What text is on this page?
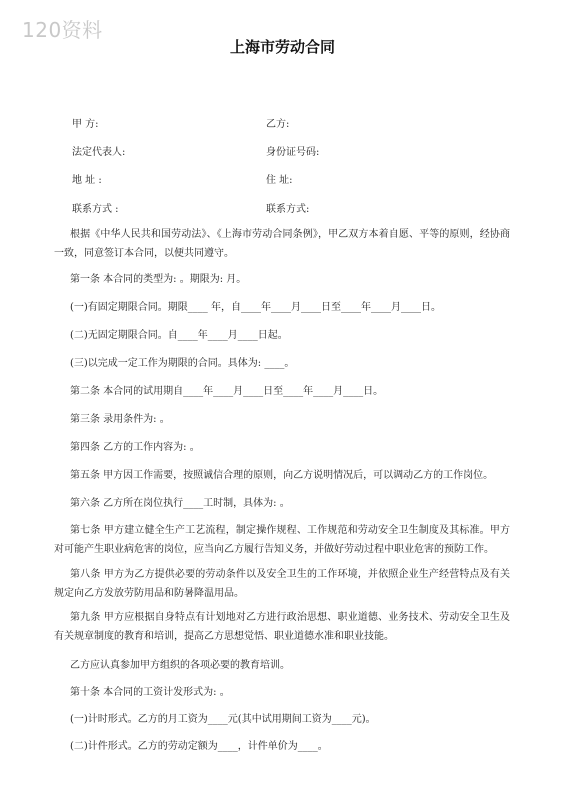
120资料
上海市劳动合同
甲 方:	乙方:
法定代表人:	身份证号码:
地 址 :	住 址:
联系方式 :	联系方式:
根据《中华人民共和国劳动法》、《上海市劳动合同条例》，甲乙双方本着自愿、平等的原则，经协商一致，同意签订本合同，以便共同遵守。
第一条 本合同的类型为: 。期限为: 月。
(一)有固定期限合同。期限____ 年，自____年____月____日至____年____月____日。
(二)无固定期限合同。自____年____月____日起。
(三)以完成一定工作为期限的合同。具体为: ____。
第二条 本合同的试用期自____年____月____日至____年____月____日。
第三条 录用条件为: 。
第四条 乙方的工作内容为: 。
第五条 甲方因工作需要，按照诚信合理的原则，向乙方说明情况后，可以调动乙方的工作岗位。
第六条 乙方所在岗位执行____工时制，具体为: 。
第七条 甲方建立健全生产工艺流程，制定操作规程、工作规范和劳动安全卫生制度及其标准。甲方对可能产生职业病危害的岗位，应当向乙方履行告知义务，并做好劳动过程中职业危害的预防工作。
第八条 甲方为乙方提供必要的劳动条件以及安全卫生的工作环境，并依照企业生产经营特点及有关规定向乙方发放劳防用品和防暑降温用品。
第九条 甲方应根据自身特点有计划地对乙方进行政治思想、职业道德、业务技术、劳动安全卫生及有关规章制度的教育和培训，提高乙方思想觉悟、职业道德水准和职业技能。
乙方应认真参加甲方组织的各项必要的教育培训。
第十条 本合同的工资计发形式为: 。
(一)计时形式。乙方的月工资为____元(其中试用期间工资为____元)。
(二)计件形式。乙方的劳动定额为____，计件单价为____。
